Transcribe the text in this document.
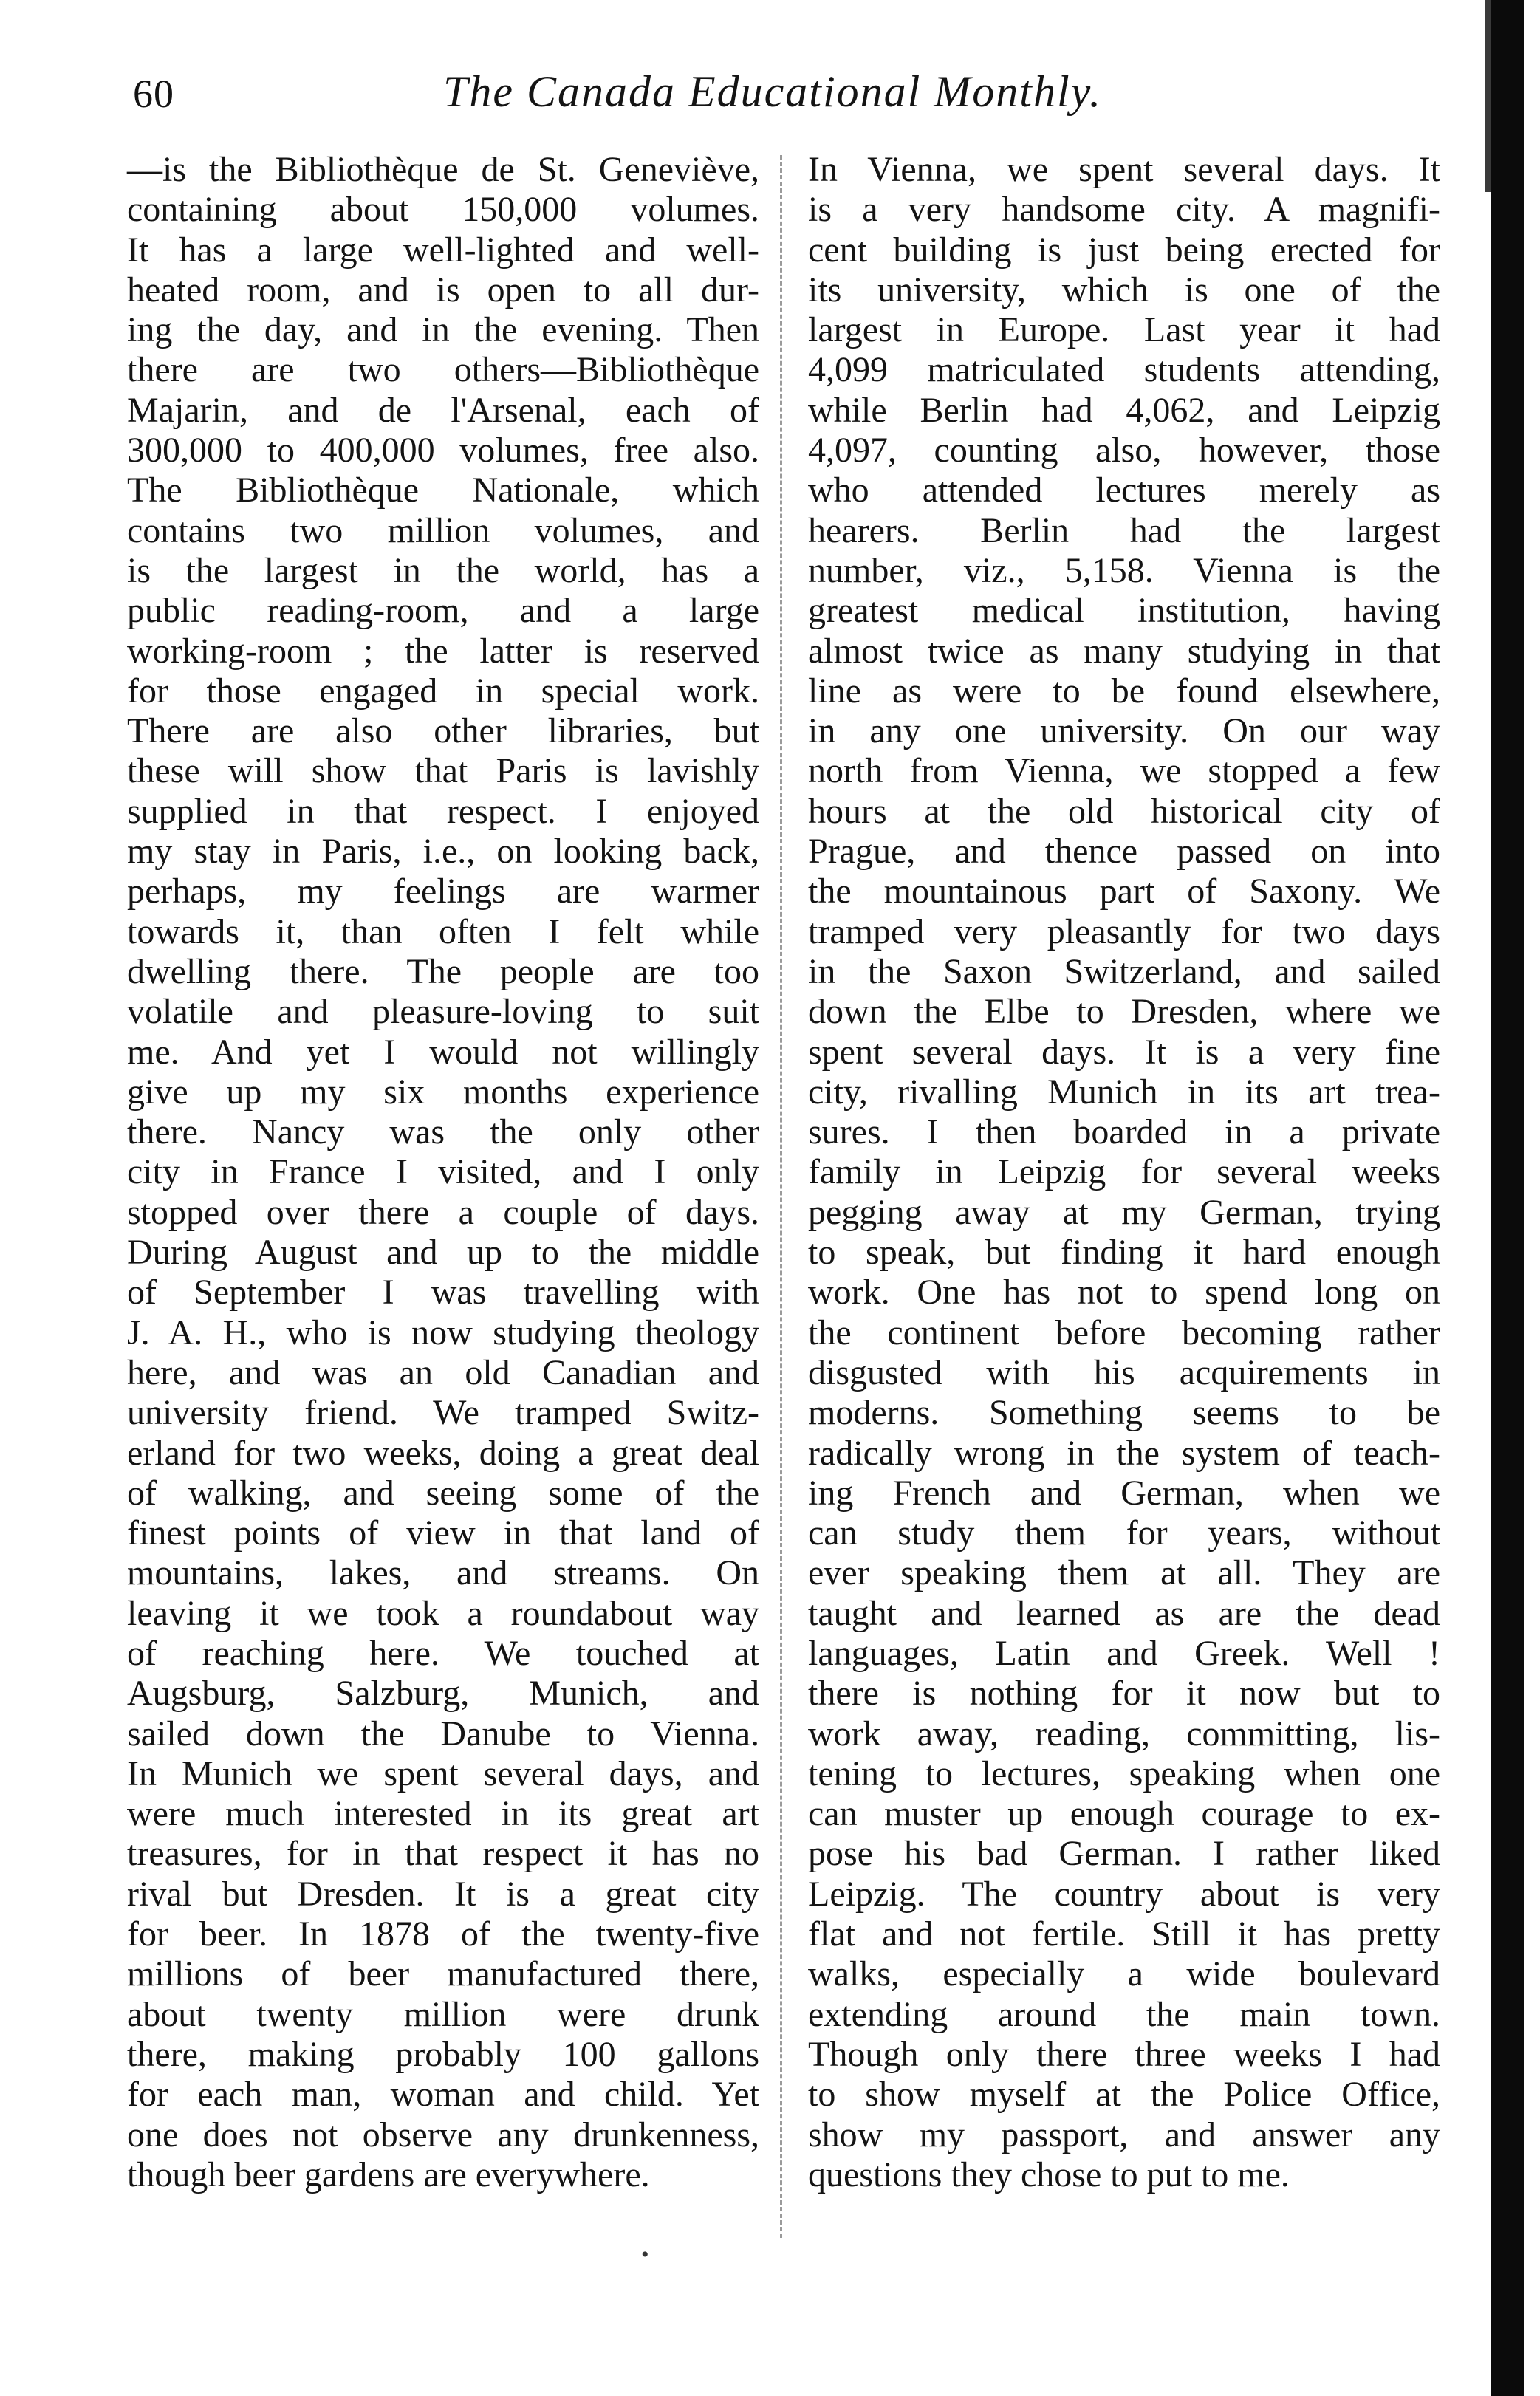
60	The Canada Educational Monthly.
—is the Bibliothèque de St. Geneviève,
containing about 150,000 volumes.
It has a large well-lighted and well-
heated room, and is open to all dur-
ing the day, and in the evening. Then
there are two others—Bibliothèque
Majarin, and de l'Arsenal, each of
300,000 to 400,000 volumes, free also.
The Bibliothèque Nationale, which
contains two million volumes, and
is the largest in the world, has a
public reading-room, and a large
working-room ; the latter is reserved
for those engaged in special work.
There are also other libraries, but
these will show that Paris is lavishly
supplied in that respect. I enjoyed
my stay in Paris, i.e., on looking back,
perhaps, my feelings are warmer
towards it, than often I felt while
dwelling there. The people are too
volatile and pleasure-loving to suit
me. And yet I would not willingly
give up my six months experience
there. Nancy was the only other
city in France I visited, and I only
stopped over there a couple of days.
During August and up to the middle
of September I was travelling with
J. A. H., who is now studying theology
here, and was an old Canadian and
university friend. We tramped Switz-
erland for two weeks, doing a great deal
of walking, and seeing some of the
finest points of view in that land of
mountains, lakes, and streams. On
leaving it we took a roundabout way
of reaching here. We touched at
Augsburg, Salzburg, Munich, and
sailed down the Danube to Vienna.
In Munich we spent several days, and
were much interested in its great art
treasures, for in that respect it has no
rival but Dresden. It is a great city
for beer. In 1878 of the twenty-five
millions of beer manufactured there,
about twenty million were drunk
there, making probably 100 gallons
for each man, woman and child. Yet
one does not observe any drunkenness,
though beer gardens are everywhere.
In Vienna, we spent several days. It
is a very handsome city. A magnifi-
cent building is just being erected for
its university, which is one of the
largest in Europe. Last year it had
4,099 matriculated students attending,
while Berlin had 4,062, and Leipzig
4,097, counting also, however, those
who attended lectures merely as
hearers. Berlin had the largest
number, viz., 5,158. Vienna is the
greatest medical institution, having
almost twice as many studying in that
line as were to be found elsewhere,
in any one university. On our way
north from Vienna, we stopped a few
hours at the old historical city of
Prague, and thence passed on into
the mountainous part of Saxony. We
tramped very pleasantly for two days
in the Saxon Switzerland, and sailed
down the Elbe to Dresden, where we
spent several days. It is a very fine
city, rivalling Munich in its art trea-
sures. I then boarded in a private
family in Leipzig for several weeks
pegging away at my German, trying
to speak, but finding it hard enough
work. One has not to spend long on
the continent before becoming rather
disgusted with his acquirements in
moderns. Something seems to be
radically wrong in the system of teach-
ing French and German, when we
can study them for years, without
ever speaking them at all. They are
taught and learned as are the dead
languages, Latin and Greek. Well !
there is nothing for it now but to
work away, reading, committing, lis-
tening to lectures, speaking when one
can muster up enough courage to ex-
pose his bad German. I rather liked
Leipzig. The country about is very
flat and not fertile. Still it has pretty
walks, especially a wide boulevard
extending around the main town.
Though only there three weeks I had
to show myself at the Police Office,
show my passport, and answer any
questions they chose to put to me.
•
